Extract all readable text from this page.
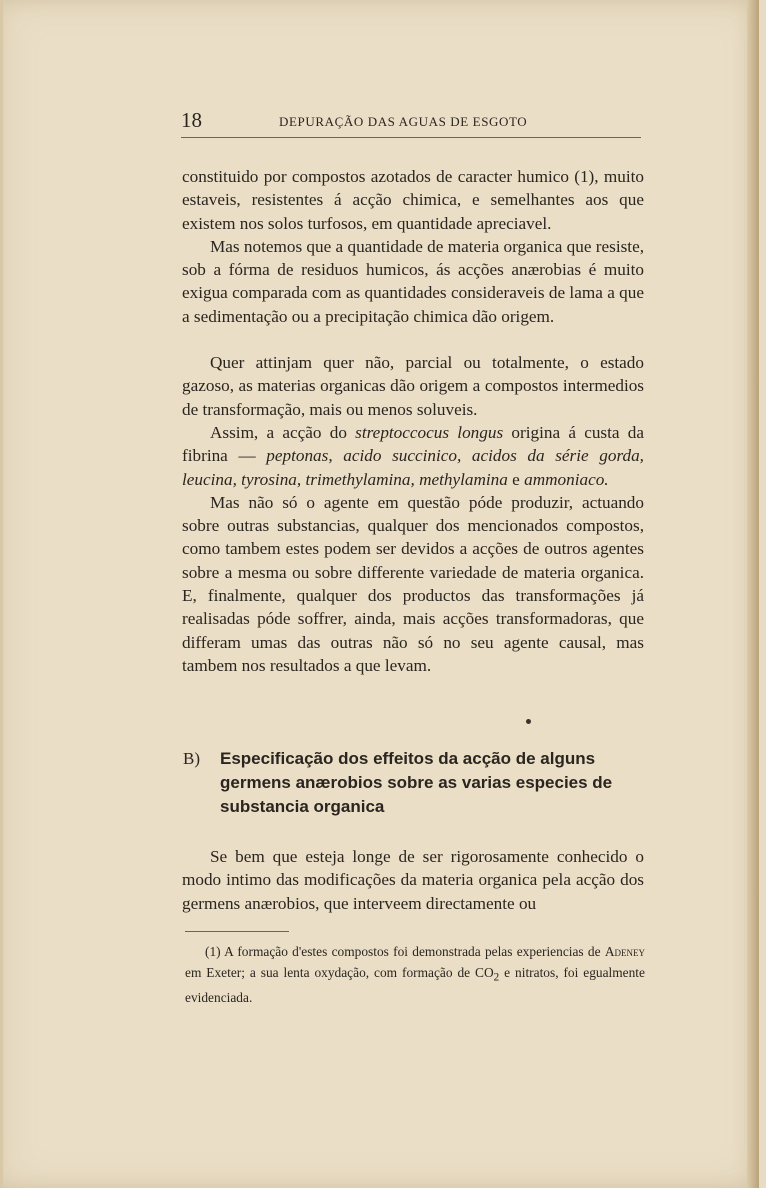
18	DEPURAÇÃO DAS AGUAS DE ESGOTO

constituido por compostos azotados de caracter humico (1), muito estaveis, resistentes á acção chimica, e semelhantes aos que existem nos solos turfosos, em quantidade apreciavel.

Mas notemos que a quantidade de materia organica que resiste, sob a fórma de residuos humicos, ás acções anærobias é muito exigua comparada com as quantidades consideraveis de lama a que a sedimentação ou a precipitação chimica dão origem.

Quer attinjam quer não, parcial ou totalmente, o estado gazoso, as materias organicas dão origem a compostos intermedios de transformação, mais ou menos soluveis.

Assim, a acção do streptoccocus longus origina á custa da fibrina — peptonas, acido succinico, acidos da série gorda, leucina, tyrosina, trimethylamina, methylamina e ammoniaco.

Mas não só o agente em questão póde produzir, actuando sobre outras substancias, qualquer dos mencionados compostos, como tambem estes podem ser devidos a acções de outros agentes sobre a mesma ou sobre differente variedade de materia organica. E, finalmente, qualquer dos productos das transformações já realisadas póde soffrer, ainda, mais acções transformadoras, que differam umas das outras não só no seu agente causal, mas tambem nos resultados a que levam.

B) Especificação dos effeitos da acção de alguns germens anærobios sobre as varias especies de substancia organica

Se bem que esteja longe de ser rigorosamente conhecido o modo intimo das modificações da materia organica pela acção dos germens anærobios, que interveem directamente ou

(1) A formação d'estes compostos foi demonstrada pelas experiencias de Adeney em Exeter; a sua lenta oxydação, com formação de $CO_2$ e nitratos, foi egualmente evidenciada.
